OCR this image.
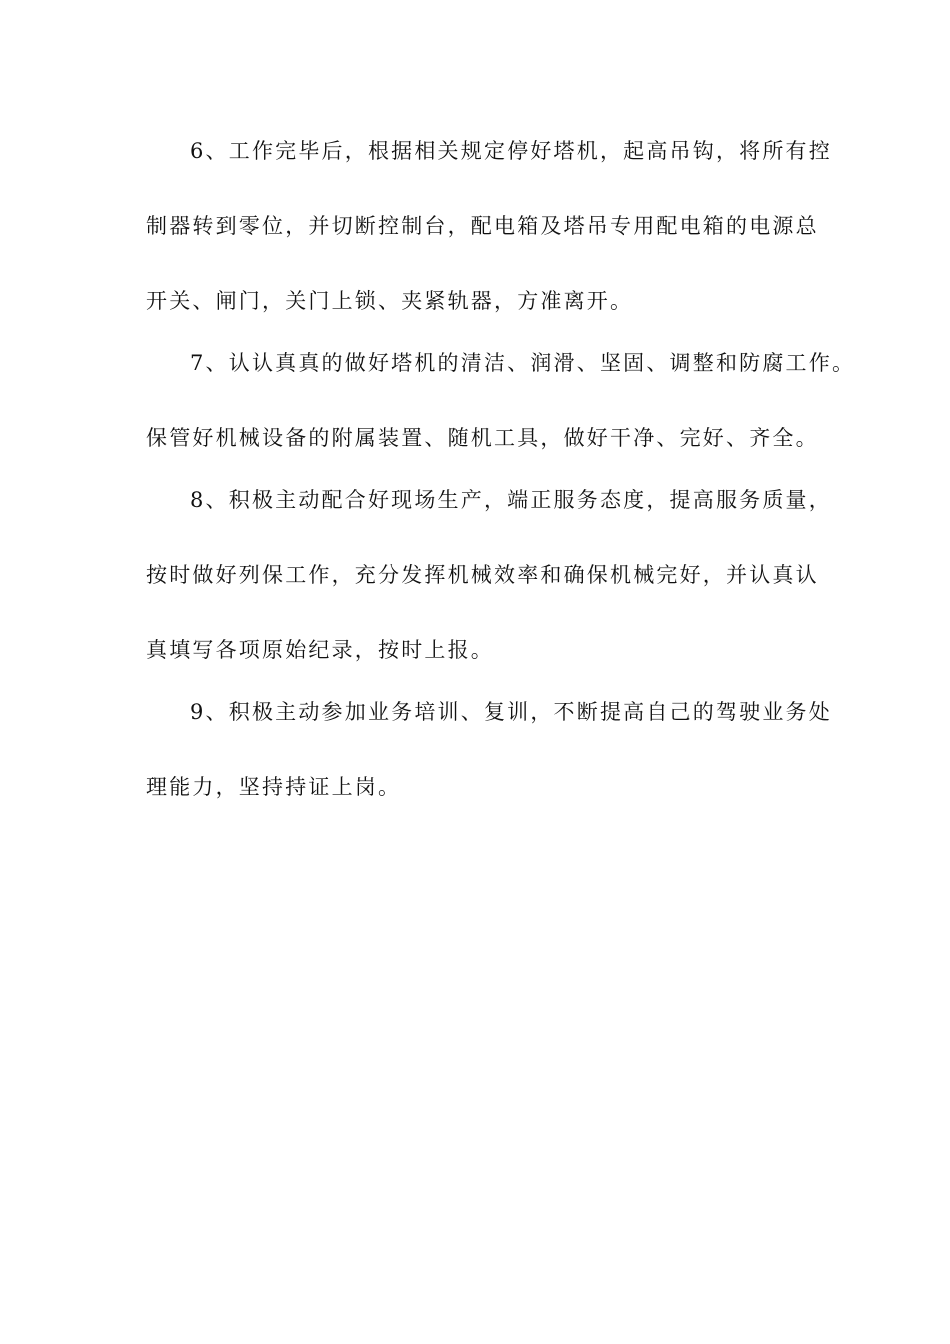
6、工作完毕后，根据相关规定停好塔机，起高吊钩，将所有控
制器转到零位，并切断控制台，配电箱及塔吊专用配电箱的电源总
开关、闸门，关门上锁、夹紧轨器，方准离开。
7、认认真真的做好塔机的清洁、润滑、坚固、调整和防腐工作。
保管好机械设备的附属装置、随机工具，做好干净、完好、齐全。
8、积极主动配合好现场生产，端正服务态度，提高服务质量，
按时做好列保工作，充分发挥机械效率和确保机械完好，并认真认
真填写各项原始纪录，按时上报。
9、积极主动参加业务培训、复训，不断提高自己的驾驶业务处
理能力，坚持持证上岗。
